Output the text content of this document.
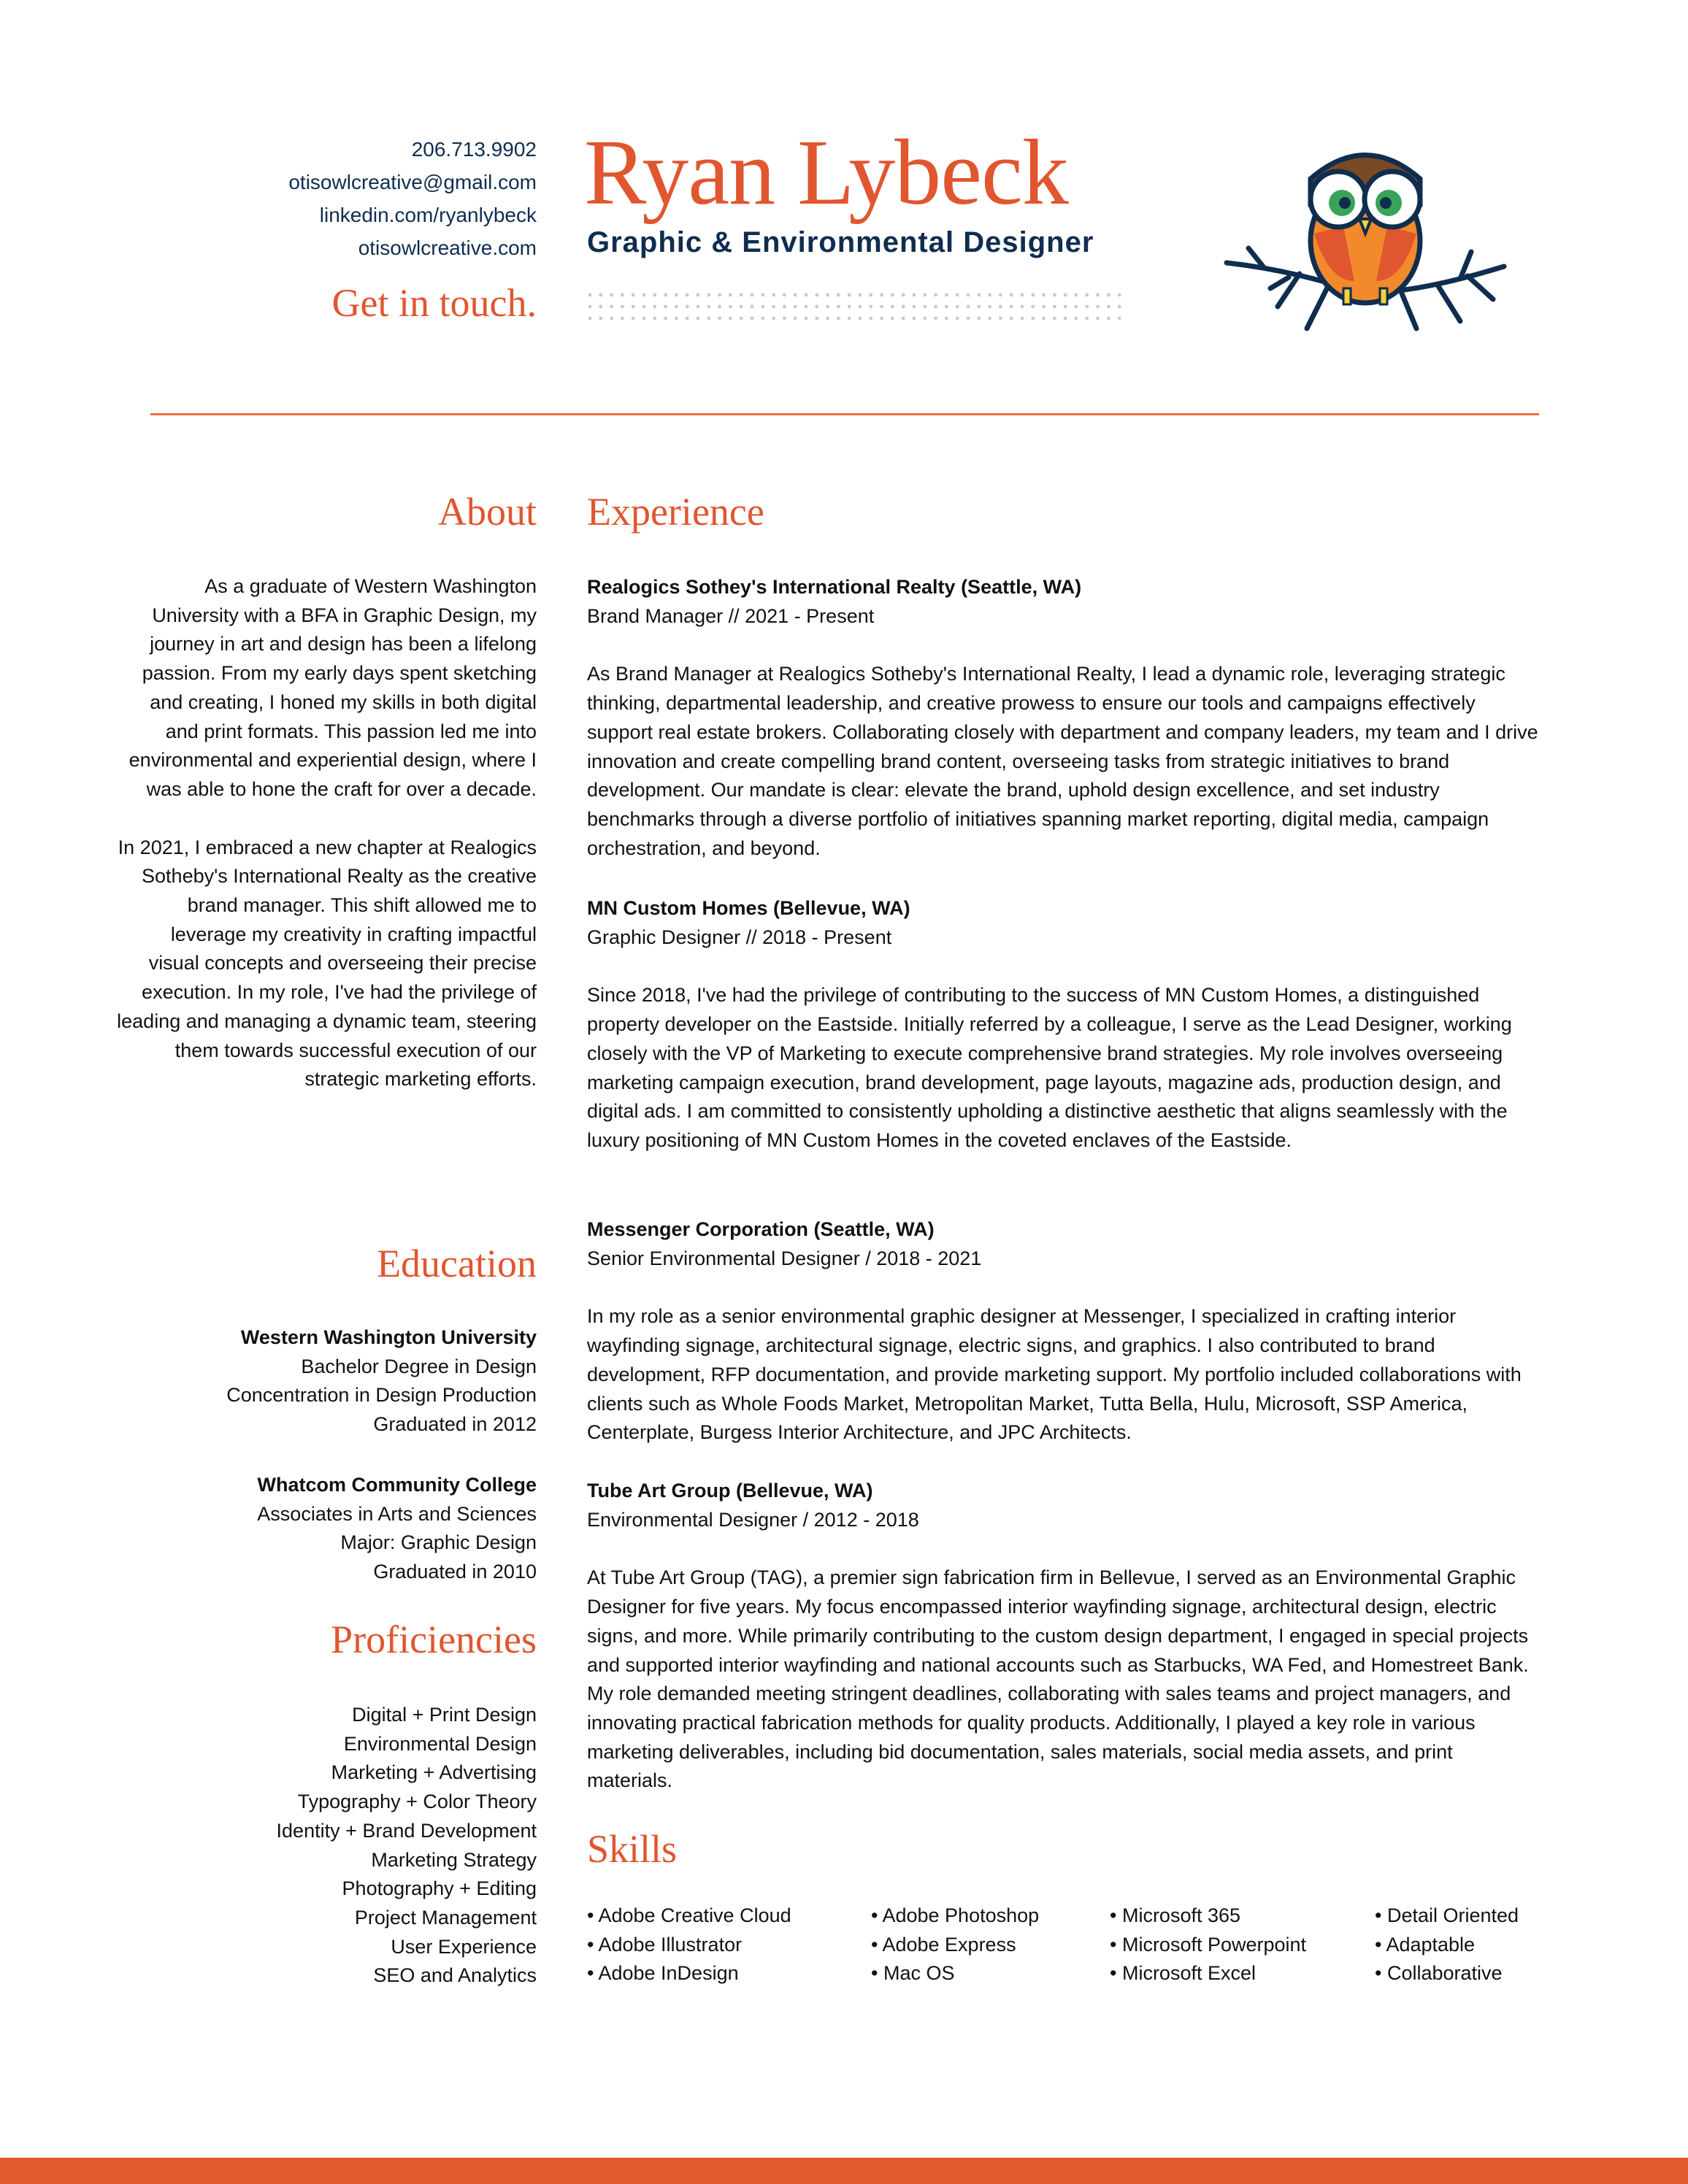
206.713.9902
otisowlcreative@gmail.com
linkedin.com/ryanlybeck
otisowlcreative.com
Get in touch.
Ryan Lybeck
Graphic & Environmental Designer
About

As a graduate of Western Washington University with a BFA in Graphic Design, my journey in art and design has been a lifelong passion. From my early days spent sketching and creating, I honed my skills in both digital and print formats. This passion led me into environmental and experiential design, where I was able to hone the craft for over a decade.

In 2021, I embraced a new chapter at Realogics Sotheby's International Realty as the creative brand manager. This shift allowed me to leverage my creativity in crafting impactful visual concepts and overseeing their precise execution. In my role, I've had the privilege of leading and managing a dynamic team, steering them towards successful execution of our strategic marketing efforts.

Education
Western Washington University
Bachelor Degree in Design
Concentration in Design Production
Graduated in 2012
Whatcom Community College
Associates in Arts and Sciences
Major: Graphic Design
Graduated in 2010
Proficiencies
Digital + Print Design
Environmental Design
Marketing + Advertising
Typography + Color Theory
Identity + Brand Development
Marketing Strategy
Photography + Editing
Project Management
User Experience
SEO and Analytics
Experience
Realogics Sothey's International Realty (Seattle, WA)
Brand Manager // 2021 - Present

As Brand Manager at Realogics Sotheby's International Realty, I lead a dynamic role, leveraging strategic thinking, departmental leadership, and creative prowess to ensure our tools and campaigns effectively support real estate brokers. Collaborating closely with department and company leaders, my team and I drive innovation and create compelling brand content, overseeing tasks from strategic initiatives to brand development. Our mandate is clear: elevate the brand, uphold design excellence, and set industry benchmarks through a diverse portfolio of initiatives spanning market reporting, digital media, campaign orchestration, and beyond.

MN Custom Homes (Bellevue, WA)
Graphic Designer // 2018 - Present

Since 2018, I've had the privilege of contributing to the success of MN Custom Homes, a distinguished property developer on the Eastside. Initially referred by a colleague, I serve as the Lead Designer, working closely with the VP of Marketing to execute comprehensive brand strategies. My role involves overseeing marketing campaign execution, brand development, page layouts, magazine ads, production design, and digital ads. I am committed to consistently upholding a distinctive aesthetic that aligns seamlessly with the luxury positioning of MN Custom Homes in the coveted enclaves of the Eastside.

Messenger Corporation (Seattle, WA)
Senior Environmental Designer / 2018 - 2021

In my role as a senior environmental graphic designer at Messenger, I specialized in crafting interior wayfinding signage, architectural signage, electric signs, and graphics. I also contributed to brand development, RFP documentation, and provide marketing support. My portfolio included collaborations with clients such as Whole Foods Market, Metropolitan Market, Tutta Bella, Hulu, Microsoft, SSP America, Centerplate, Burgess Interior Architecture, and JPC Architects.

Tube Art Group (Bellevue, WA)
Environmental Designer / 2012 - 2018

At Tube Art Group (TAG), a premier sign fabrication firm in Bellevue, I served as an Environmental Graphic Designer for five years. My focus encompassed interior wayfinding signage, architectural design, electric signs, and more. While primarily contributing to the custom design department, I engaged in special projects and supported interior wayfinding and national accounts such as Starbucks, WA Fed, and Homestreet Bank. My role demanded meeting stringent deadlines, collaborating with sales teams and project managers, and innovating practical fabrication methods for quality products. Additionally, I played a key role in various marketing deliverables, including bid documentation, sales materials, social media assets, and print materials.

Skills
• Adobe Creative Cloud
• Adobe Illustrator
• Adobe InDesign
• Adobe Photoshop
• Adobe Express
• Mac OS
• Microsoft 365
• Microsoft Powerpoint
• Microsoft Excel
• Detail Oriented
• Adaptable
• Collaborative
